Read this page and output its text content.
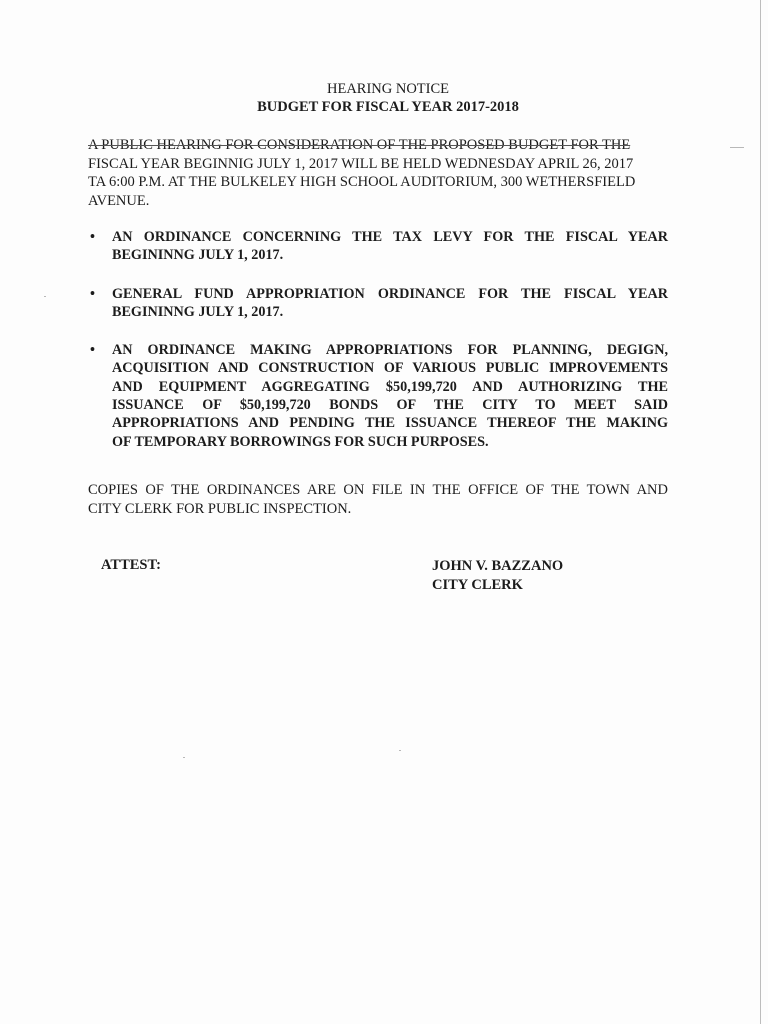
HEARING NOTICE
BUDGET FOR FISCAL YEAR 2017-2018
A PUBLIC HEARING FOR CONSIDERATION OF THE PROPOSED BUDGET FOR THE
FISCAL YEAR BEGINNIG JULY 1, 2017 WILL BE HELD WEDNESDAY APRIL 26, 2017
TA 6:00 P.M. AT THE BULKELEY HIGH SCHOOL AUDITORIUM, 300 WETHERSFIELD
AVENUE.
• AN ORDINANCE CONCERNING THE TAX LEVY FOR THE FISCAL YEAR
BEGININNG JULY 1, 2017.
• GENERAL FUND APPROPRIATION ORDINANCE FOR THE FISCAL YEAR
BEGININNG JULY 1, 2017.
• AN ORDINANCE MAKING APPROPRIATIONS FOR PLANNING, DEGIGN,
ACQUISITION AND CONSTRUCTION OF VARIOUS PUBLIC IMPROVEMENTS
AND EQUIPMENT AGGREGATING $50,199,720 AND AUTHORIZING THE
ISSUANCE OF $50,199,720 BONDS OF THE CITY TO MEET SAID
APPROPRIATIONS AND PENDING THE ISSUANCE THEREOF THE MAKING
OF TEMPORARY BORROWINGS FOR SUCH PURPOSES.
COPIES OF THE ORDINANCES ARE ON FILE IN THE OFFICE OF THE TOWN AND
CITY CLERK FOR PUBLIC INSPECTION.
ATTEST:	JOHN V. BAZZANO
CITY CLERK
